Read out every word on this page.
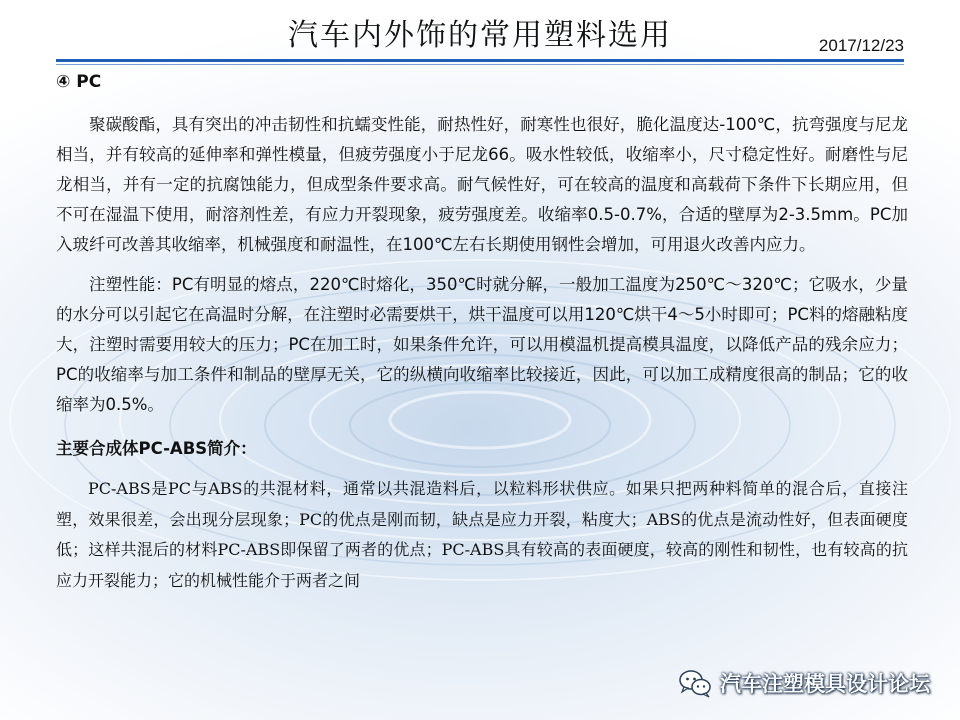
汽车内外饰的常用塑料选用	2017/12/23
④ PC

聚碳酸酯，具有突出的冲击韧性和抗蠕变性能，耐热性好，耐寒性也很好，脆化温度达-100℃，抗弯强度与尼龙相当，并有较高的延伸率和弹性模量，但疲劳强度小于尼龙66。吸水性较低，收缩率小，尺寸稳定性好。耐磨性与尼龙相当，并有一定的抗腐蚀能力，但成型条件要求高。耐气候性好，可在较高的温度和高载荷下条件下长期应用，但不可在湿温下使用，耐溶剂性差，有应力开裂现象，疲劳强度差。收缩率0.5-0.7%，合适的壁厚为2-3.5mm。PC加入玻纤可改善其收缩率，机械强度和耐温性，在100℃左右长期使用钢性会增加，可用退火改善内应力。

注塑性能：PC有明显的熔点，220℃时熔化，350℃时就分解，一般加工温度为250℃～320℃；它吸水，少量的水分可以引起它在高温时分解，在注塑时必需要烘干，烘干温度可以用120℃烘干4～5小时即可；PC料的熔融粘度大，注塑时需要用较大的压力；PC在加工时，如果条件允许，可以用模温机提高模具温度，以降低产品的残余应力；PC的收缩率与加工条件和制品的壁厚无关，它的纵横向收缩率比较接近，因此，可以加工成精度很高的制品；它的收缩率为0.5%。

主要合成体PC-ABS简介：

PC-ABS是PC与ABS的共混材料，通常以共混造料后，以粒料形状供应。如果只把两种料简单的混合后，直接注塑，效果很差，会出现分层现象；PC的优点是刚而韧，缺点是应力开裂，粘度大；ABS的优点是流动性好，但表面硬度低；这样共混后的材料PC-ABS即保留了两者的优点；PC-ABS具有较高的表面硬度，较高的刚性和韧性，也有较高的抗应力开裂能力；它的机械性能介于两者之间

汽车注塑模具设计论坛
